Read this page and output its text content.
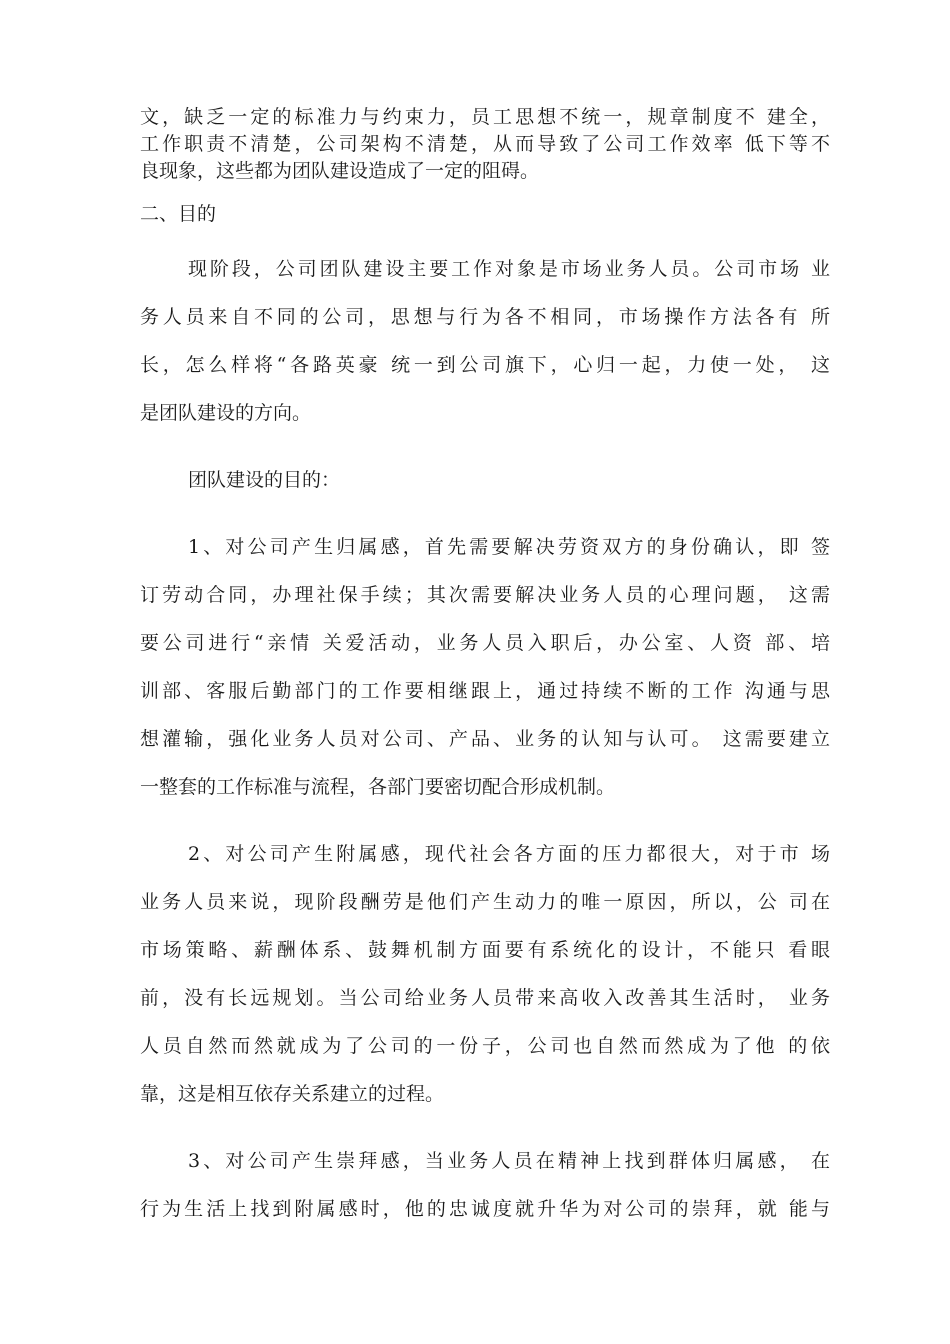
文，缺乏一定的标准力与约束力，员工思想不统一，规章制度不 建全，
工作职责不清楚，公司架构不清楚，从而导致了公司工作效率 低下等不
良现象，这些都为团队建设造成了一定的阻碍。
二、目的

现阶段，公司团队建设主要工作对象是市场业务人员。公司市场 业
务人员来自不同的公司，思想与行为各不相同，市场操作方法各有 所
长，怎么样将“各路英豪 统一到公司旗下，心归一起，力使一处， 这
是团队建设的方向。

团队建设的目的：

1、对公司产生归属感，首先需要解决劳资双方的身份确认，即 签
订劳动合同，办理社保手续；其次需要解决业务人员的心理问题， 这需
要公司进行“亲情 关爱活动，业务人员入职后，办公室、人资 部、培
训部、客服后勤部门的工作要相继跟上，通过持续不断的工作 沟通与思
想灌输，强化业务人员对公司、产品、业务的认知与认可。 这需要建立
一整套的工作标准与流程，各部门要密切配合形成机制。

2、对公司产生附属感，现代社会各方面的压力都很大，对于市 场
业务人员来说，现阶段酬劳是他们产生动力的唯一原因，所以，公 司在
市场策略、薪酬体系、鼓舞机制方面要有系统化的设计，不能只 看眼
前，没有长远规划。当公司给业务人员带来高收入改善其生活时， 业务
人员自然而然就成为了公司的一份子，公司也自然而然成为了他 的依
靠，这是相互依存关系建立的过程。

3、对公司产生崇拜感，当业务人员在精神上找到群体归属感， 在
行为生活上找到附属感时，他的忠诚度就升华为对公司的崇拜，就 能与
